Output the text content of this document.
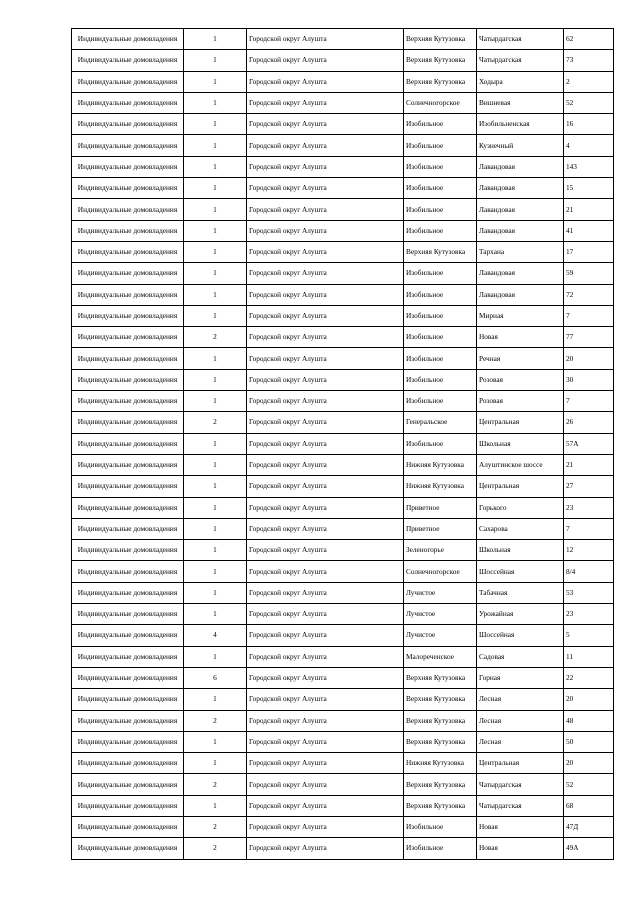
Индивидуальные домовладения	1	Городской округ Алушта	Верхняя Кутузовка	Чатырдагская	62
Индивидуальные домовладения	1	Городской округ Алушта	Верхняя Кутузовка	Чатырдагская	73
Индивидуальные домовладения	1	Городской округ Алушта	Верхняя Кутузовка	Ходыра	2
Индивидуальные домовладения	1	Городской округ Алушта	Солнечногорское	Вишневая	52
Индивидуальные домовладения	1	Городской округ Алушта	Изобильное	Изобильненская	16
Индивидуальные домовладения	1	Городской округ Алушта	Изобильное	Кузнечный	4
Индивидуальные домовладения	1	Городской округ Алушта	Изобильное	Лавандовая	143
Индивидуальные домовладения	1	Городской округ Алушта	Изобильное	Лавандовая	15
Индивидуальные домовладения	1	Городской округ Алушта	Изобильное	Лавандовая	21
Индивидуальные домовладения	1	Городской округ Алушта	Изобильное	Лавандовая	41
Индивидуальные домовладения	1	Городской округ Алушта	Верхняя Кутузовка	Тархана	17
Индивидуальные домовладения	1	Городской округ Алушта	Изобильное	Лавандовая	59
Индивидуальные домовладения	1	Городской округ Алушта	Изобильное	Лавандовая	72
Индивидуальные домовладения	1	Городской округ Алушта	Изобильное	Мирная	7
Индивидуальные домовладения	2	Городской округ Алушта	Изобильное	Новая	77
Индивидуальные домовладения	1	Городской округ Алушта	Изобильное	Речная	20
Индивидуальные домовладения	1	Городской округ Алушта	Изобильное	Розовая	30
Индивидуальные домовладения	1	Городской округ Алушта	Изобильное	Розовая	7
Индивидуальные домовладения	2	Городской округ Алушта	Генеральское	Центральная	26
Индивидуальные домовладения	1	Городской округ Алушта	Изобильное	Школьная	57А
Индивидуальные домовладения	1	Городской округ Алушта	Нижняя Кутузовка	Алуштинское шоссе	21
Индивидуальные домовладения	1	Городской округ Алушта	Нижняя Кутузовка	Центральная	27
Индивидуальные домовладения	1	Городской округ Алушта	Приветное	Горького	23
Индивидуальные домовладения	1	Городской округ Алушта	Приветное	Сахарова	7
Индивидуальные домовладения	1	Городской округ Алушта	Зеленогорье	Школьная	12
Индивидуальные домовладения	1	Городской округ Алушта	Солнечногорское	Шоссейная	8/4
Индивидуальные домовладения	1	Городской округ Алушта	Лучистое	Табачная	53
Индивидуальные домовладения	1	Городской округ Алушта	Лучистое	Урожайная	23
Индивидуальные домовладения	4	Городской округ Алушта	Лучистое	Шоссейная	5
Индивидуальные домовладения	1	Городской округ Алушта	Малореченское	Садовая	11
Индивидуальные домовладения	6	Городской округ Алушта	Верхняя Кутузовка	Горная	22
Индивидуальные домовладения	1	Городской округ Алушта	Верхняя Кутузовка	Лесная	20
Индивидуальные домовладения	2	Городской округ Алушта	Верхняя Кутузовка	Лесная	48
Индивидуальные домовладения	1	Городской округ Алушта	Верхняя Кутузовка	Лесная	50
Индивидуальные домовладения	1	Городской округ Алушта	Нижняя Кутузовка	Центральная	20
Индивидуальные домовладения	2	Городской округ Алушта	Верхняя Кутузовка	Чатырдагская	52
Индивидуальные домовладения	1	Городской округ Алушта	Верхняя Кутузовка	Чатырдагская	68
Индивидуальные домовладения	2	Городской округ Алушта	Изобильное	Новая	47Д
Индивидуальные домовладения	2	Городской округ Алушта	Изобильное	Новая	49А
